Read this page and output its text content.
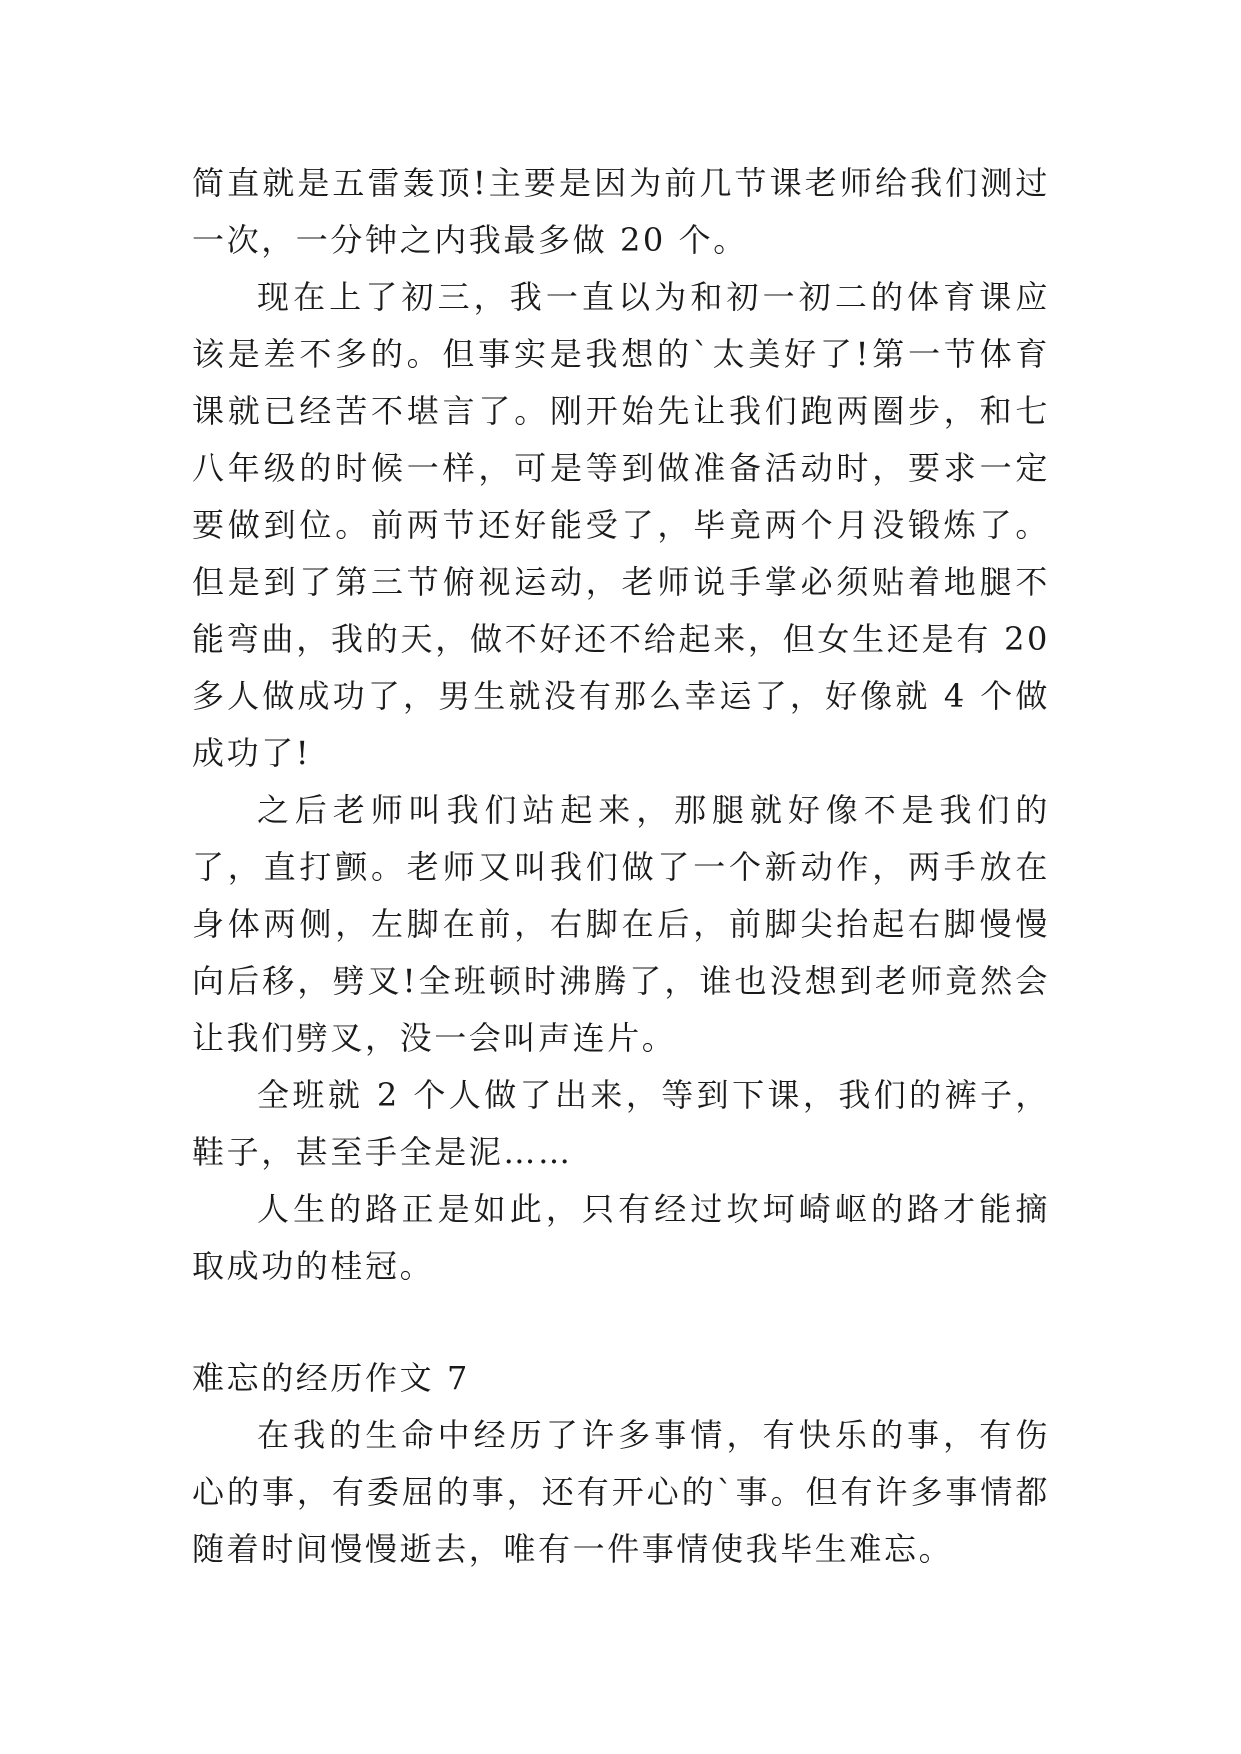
简直就是五雷轰顶!主要是因为前几节课老师给我们测过一次，一分钟之内我最多做 20 个。

现在上了初三，我一直以为和初一初二的体育课应该是差不多的。但事实是我想的`太美好了!第一节体育课就已经苦不堪言了。刚开始先让我们跑两圈步，和七八年级的时候一样，可是等到做准备活动时，要求一定要做到位。前两节还好能受了，毕竟两个月没锻炼了。但是到了第三节俯视运动，老师说手掌必须贴着地腿不能弯曲，我的天，做不好还不给起来，但女生还是有 20 多人做成功了，男生就没有那么幸运了，好像就 4 个做成功了!

之后老师叫我们站起来，那腿就好像不是我们的了，直打颤。老师又叫我们做了一个新动作，两手放在身体两侧，左脚在前，右脚在后，前脚尖抬起右脚慢慢向后移，劈叉!全班顿时沸腾了，谁也没想到老师竟然会让我们劈叉，没一会叫声连片。

全班就 2 个人做了出来，等到下课，我们的裤子，鞋子，甚至手全是泥……

人生的路正是如此，只有经过坎坷崎岖的路才能摘取成功的桂冠。

难忘的经历作文 7

在我的生命中经历了许多事情，有快乐的事，有伤心的事，有委屈的事，还有开心的`事。但有许多事情都随着时间慢慢逝去，唯有一件事情使我毕生难忘。
